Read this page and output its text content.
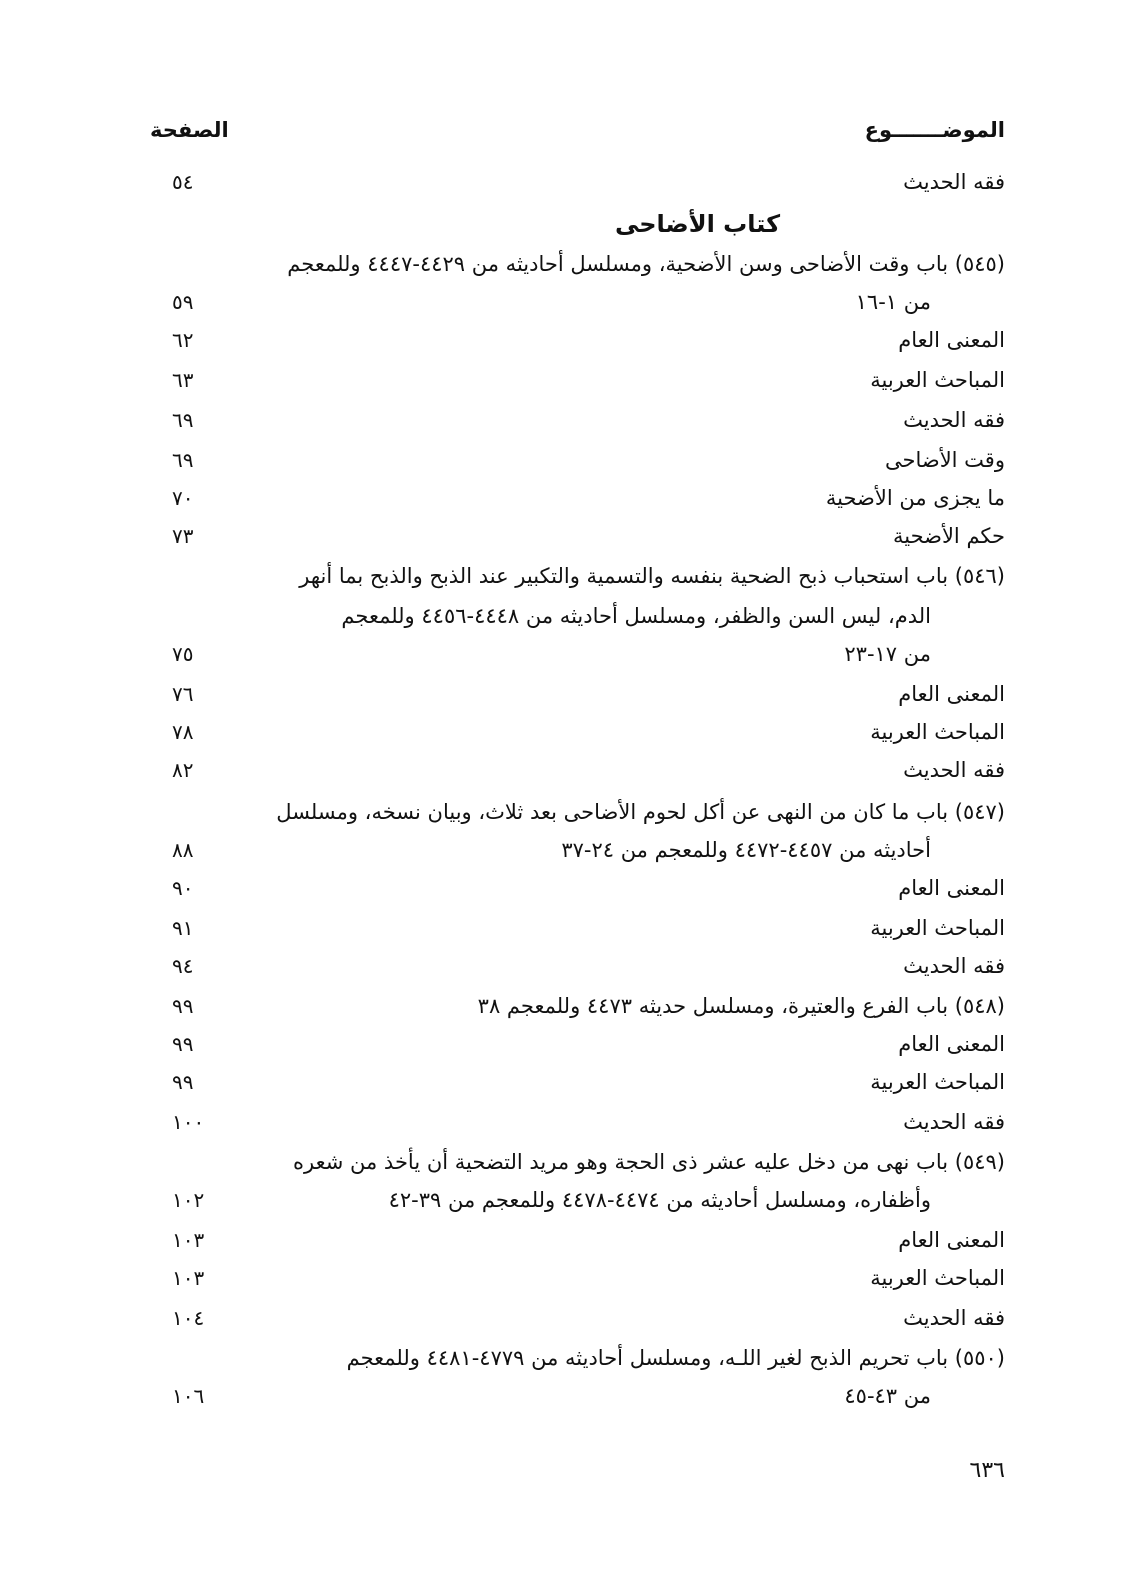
الموضـــــــوع
الصفحة
فقه الحديث
٥٤
كتاب الأضاحى
(٥٤٥) باب وقت الأضاحى وسن الأضحية، ومسلسل أحاديثه من ٤٤٢٩-٤٤٤٧ وللمعجم
من ١-١٦
٥٩
المعنى العام
٦٢
المباحث العربية
٦٣
فقه الحديث
٦٩
وقت الأضاحى
٦٩
ما يجزى من الأضحية
٧٠
حكم الأضحية
٧٣
(٥٤٦) باب استحباب ذبح الضحية بنفسه والتسمية والتكبير عند الذبح والذبح بما أنهر
الدم، ليس السن والظفر، ومسلسل أحاديثه من ٤٤٤٨-٤٤٥٦ وللمعجم
من ١٧-٢٣
٧٥
المعنى العام
٧٦
المباحث العربية
٧٨
فقه الحديث
٨٢
(٥٤٧) باب ما كان من النهى عن أكل لحوم الأضاحى بعد ثلاث، وبيان نسخه، ومسلسل
أحاديثه من ٤٤٥٧-٤٤٧٢ وللمعجم من ٢٤-٣٧
٨٨
المعنى العام
٩٠
المباحث العربية
٩١
فقه الحديث
٩٤
(٥٤٨) باب الفرع والعتيرة، ومسلسل حديثه ٤٤٧٣ وللمعجم ٣٨
٩٩
المعنى العام
٩٩
المباحث العربية
٩٩
فقه الحديث
١٠٠
(٥٤٩) باب نهى من دخل عليه عشر ذى الحجة وهو مريد التضحية أن يأخذ من شعره
وأظفاره، ومسلسل أحاديثه من ٤٤٧٤-٤٤٧٨ وللمعجم من ٣٩-٤٢
١٠٢
المعنى العام
١٠٣
المباحث العربية
١٠٣
فقه الحديث
١٠٤
(٥٥٠) باب تحريم الذبح لغير اللـه، ومسلسل أحاديثه من ٤٧٧٩-٤٤٨١ وللمعجم
من ٤٣-٤٥
١٠٦
٦٣٦
